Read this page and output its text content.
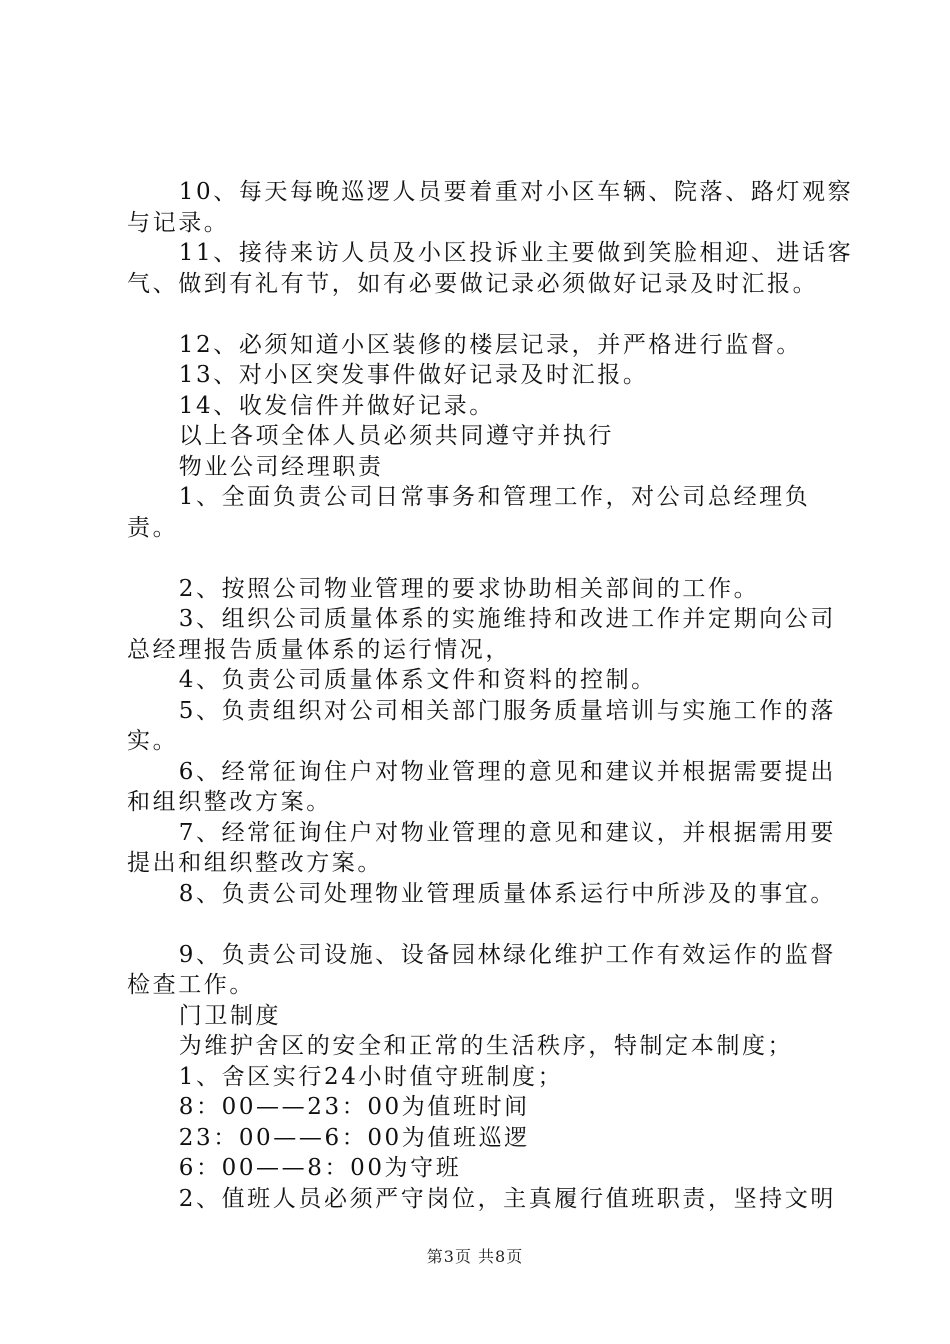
10、每天每晚巡逻人员要着重对小区车辆、院落、路灯观察与记录。

11、接待来访人员及小区投诉业主要做到笑脸相迎、进话客气、做到有礼有节，如有必要做记录必须做好记录及时汇报。

12、必须知道小区装修的楼层记录，并严格进行监督。

13、对小区突发事件做好记录及时汇报。

14、收发信件并做好记录。

以上各项全体人员必须共同遵守并执行

物业公司经理职责

1、全面负责公司日常事务和管理工作，对公司总经理负责。

2、按照公司物业管理的要求协助相关部间的工作。

3、组织公司质量体系的实施维持和改进工作并定期向公司总经理报告质量体系的运行情况，

4、负责公司质量体系文件和资料的控制。

5、负责组织对公司相关部门服务质量培训与实施工作的落实。

6、经常征询住户对物业管理的意见和建议并根据需要提出和组织整改方案。

7、经常征询住户对物业管理的意见和建议，并根据需用要提出和组织整改方案。

8、负责公司处理物业管理质量体系运行中所涉及的事宜。

9、负责公司设施、设备园林绿化维护工作有效运作的监督检查工作。

门卫制度

为维护舍区的安全和正常的生活秩序，特制定本制度；

1、舍区实行24小时值守班制度；

8：00——23：00为值班时间

23：00——6：00为值班巡逻

6：00——8：00为守班

2、值班人员必须严守岗位，主真履行值班职责，坚持文明

第3页 共8页
